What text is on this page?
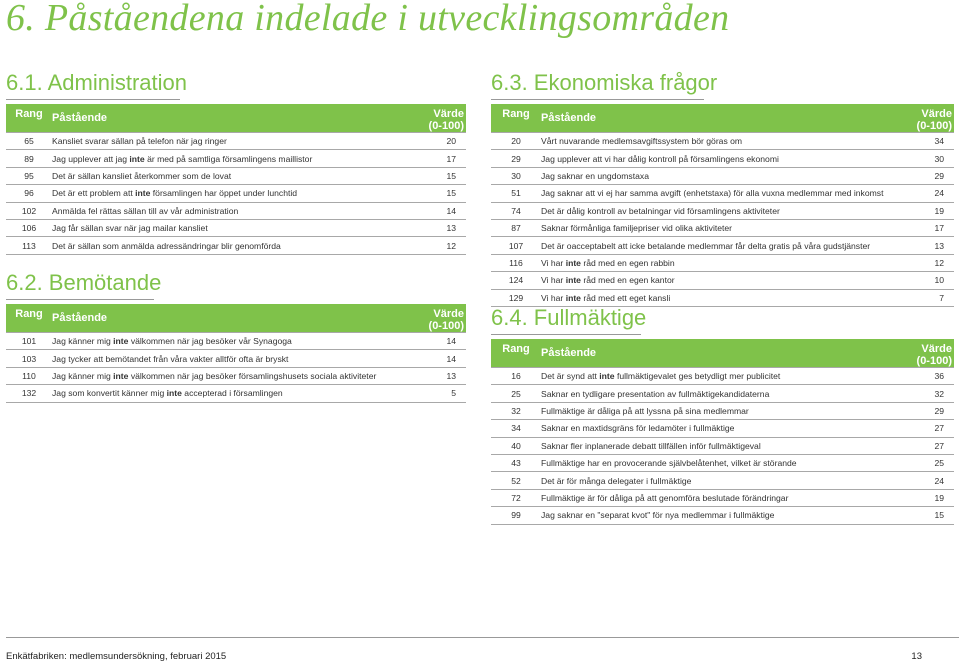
6. Påståendena indelade i utvecklingsområden
6.1. Administration
Rang	Påstående	Värde
(0-100)
65	Kansliet svarar sällan på telefon när jag ringer	20
89	Jag upplever att jag inte är med på samtliga församlingens maillistor	17
95	Det är sällan kansliet återkommer som de lovat	15
96	Det är ett problem att inte församlingen har öppet under lunchtid	15
102	Anmälda fel rättas sällan till av vår administration	14
106	Jag får sällan svar när jag mailar kansliet	13
113	Det är sällan som anmälda adressändringar blir genomförda	12
6.2. Bemötande
Rang	Påstående	Värde
(0-100)
101	Jag känner mig inte välkommen när jag besöker vår Synagoga	14
103	Jag tycker att bemötandet från våra vakter alltför ofta är bryskt	14
110	Jag känner mig inte välkommen när jag besöker församlingshusets sociala aktiviteter	13
132	Jag som konvertit känner mig inte accepterad i församlingen	5
6.3. Ekonomiska frågor
Rang	Påstående	Värde
(0-100)
20	Vårt nuvarande medlemsavgiftssystem bör göras om	34
29	Jag upplever att vi har dålig kontroll på församlingens ekonomi	30
30	Jag saknar en ungdomstaxa	29
51	Jag saknar att vi ej har samma avgift (enhetstaxa) för alla vuxna medlemmar med inkomst	24
74	Det är dålig kontroll av betalningar vid församlingens aktiviteter	19
87	Saknar förmånliga familjepriser vid olika aktiviteter	17
107	Det är oacceptabelt att icke betalande medlemmar får delta gratis på våra gudstjänster	13
116	Vi har inte råd med en egen rabbin	12
124	Vi har inte råd med en egen kantor	10
129	Vi har inte råd med ett eget kansli	7
6.4. Fullmäktige
Rang	Påstående	Värde
(0-100)
16	Det är synd att inte fullmäktigevalet ges betydligt mer publicitet	36
25	Saknar en tydligare presentation av fullmäktigekandidaterna	32
32	Fullmäktige är dåliga på att lyssna på sina medlemmar	29
34	Saknar en maxtidsgräns för ledamöter i fullmäktige	27
40	Saknar fler inplanerade debatt tillfällen inför fullmäktigeval	27
43	Fullmäktige har en provocerande självbelåtenhet, vilket är störande	25
52	Det är för många delegater i fullmäktige	24
72	Fullmäktige är för dåliga på att genomföra beslutade förändringar	19
99	Jag saknar en "separat kvot" för nya medlemmar i fullmäktige	15
Enkätfabriken: medlemsundersökning, februari 2015	13
